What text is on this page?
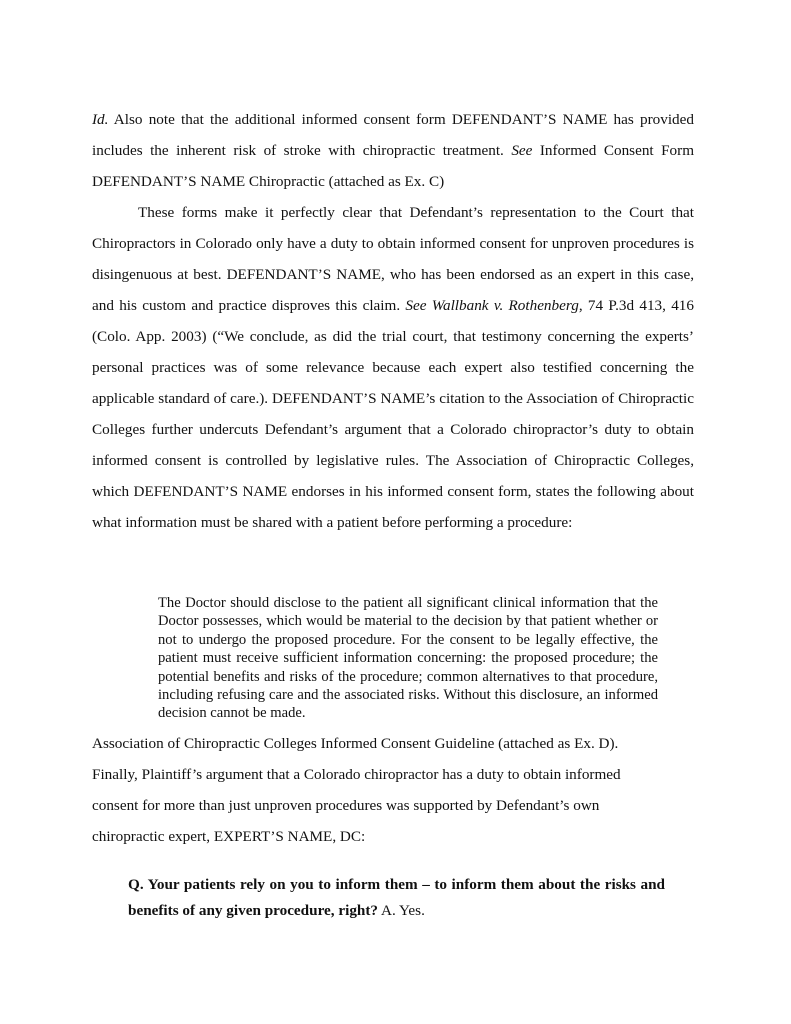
Id. Also note that the additional informed consent form DEFENDANT’S NAME has provided includes the inherent risk of stroke with chiropractic treatment. See Informed Consent Form DEFENDANT’S NAME Chiropractic (attached as Ex. C)

These forms make it perfectly clear that Defendant’s representation to the Court that Chiropractors in Colorado only have a duty to obtain informed consent for unproven procedures is disingenuous at best. DEFENDANT’S NAME, who has been endorsed as an expert in this case, and his custom and practice disproves this claim. See Wallbank v. Rothenberg, 74 P.3d 413, 416 (Colo. App. 2003) (“We conclude, as did the trial court, that testimony concerning the experts’ personal practices was of some relevance because each expert also testified concerning the applicable standard of care.). DEFENDANT’S NAME’s citation to the Association of Chiropractic Colleges further undercuts Defendant’s argument that a Colorado chiropractor’s duty to obtain informed consent is controlled by legislative rules. The Association of Chiropractic Colleges, which DEFENDANT’S NAME endorses in his informed consent form, states the following about what information must be shared with a patient before performing a procedure:

The Doctor should disclose to the patient all significant clinical information that the Doctor possesses, which would be material to the decision by that patient whether or not to undergo the proposed procedure. For the consent to be legally effective, the patient must receive sufficient information concerning: the proposed procedure; the potential benefits and risks of the procedure; common alternatives to that procedure, including refusing care and the associated risks. Without this disclosure, an informed decision cannot be made.

Association of Chiropractic Colleges Informed Consent Guideline (attached as Ex. D).
Finally, Plaintiff’s argument that a Colorado chiropractor has a duty to obtain informed consent for more than just unproven procedures was supported by Defendant’s own chiropractic expert, EXPERT’S NAME, DC:

Q. Your patients rely on you to inform them – to inform them about the risks and benefits of any given procedure, right? A. Yes.
